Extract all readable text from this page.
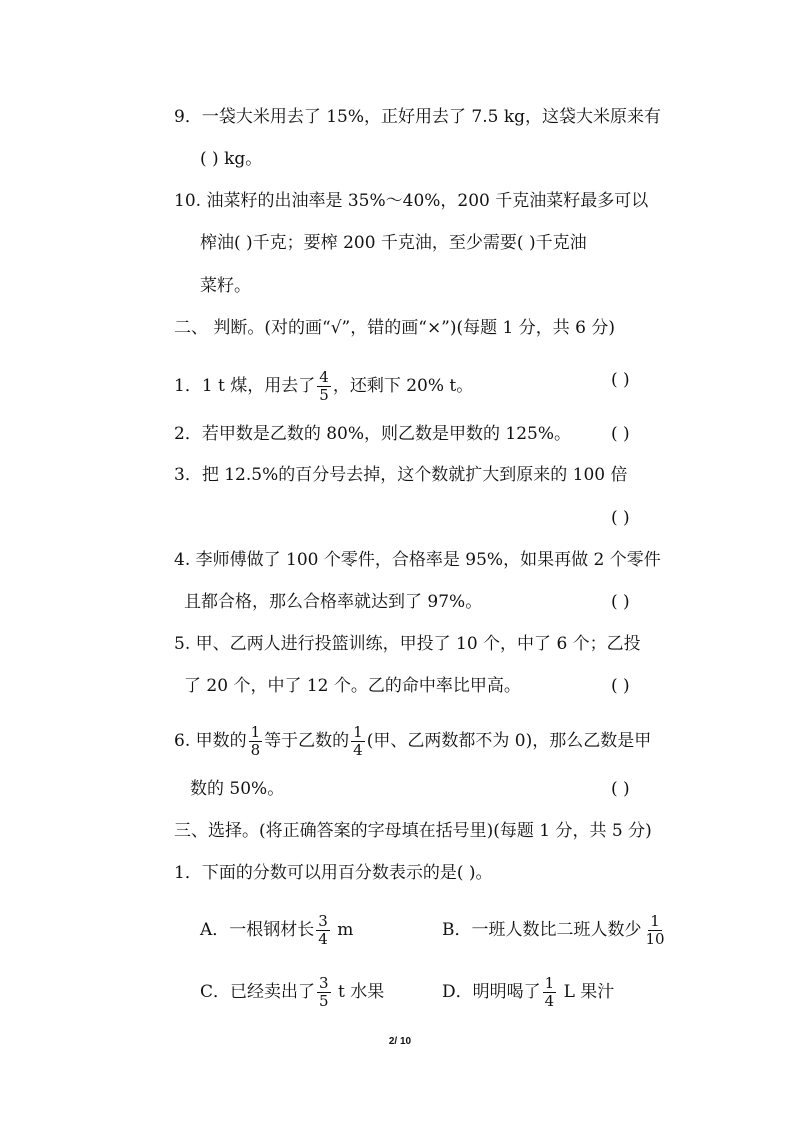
9．一袋大米用去了 15%，正好用去了 7.5 kg，这袋大米原来有
( ) kg。
10. 油菜籽的出油率是 35%～40%，200 千克油菜籽最多可以
榨油( )千克；要榨 200 千克油，至少需要( )千克油
菜籽。
二、 判断。(对的画“√”，错的画“×”)(每题 1 分，共 6 分)
1．1 t 煤，用去了 $\frac{4}{5}$ ，还剩下 20% t。	( )
2．若甲数是乙数的 80%，则乙数是甲数的 125%。 ( )
3．把 12.5%的百分号去掉，这个数就扩大到原来的 100 倍
( )
4. 李师傅做了 100 个零件，合格率是 95%，如果再做 2 个零件
且都合格，那么合格率就达到了 97%。	( )
5. 甲、乙两人进行投篮训练，甲投了 10 个，中了 6 个；乙投
了 20 个，中了 12 个。乙的命中率比甲高。	( )
6. 甲数的 $\frac{1}{8}$ 等于乙数的 $\frac{1}{4}$ (甲、乙两数都不为 0)，那么乙数是甲
数的 50%。	( )
三、选择。(将正确答案的字母填在括号里)(每题 1 分，共 5 分)
1．下面的分数可以用百分数表示的是( )。
A．一根钢材长 $\frac{3}{4}$ m	B．一班人数比二班人数少 $\frac{1}{10}$
C．已经卖出了 $\frac{3}{5}$ t 水果	D．明明喝了 $\frac{1}{4}$ L 果汁
2/ 10
